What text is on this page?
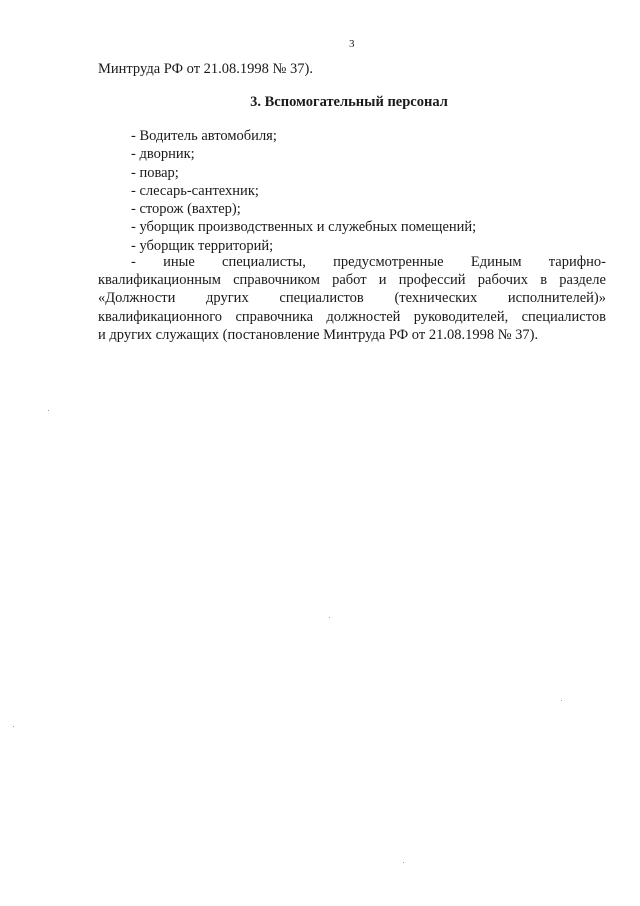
3
Минтруда РФ от 21.08.1998 № 37).
3. Вспомогательный персонал
- Водитель автомобиля;
- дворник;
- повар;
- слесарь-сантехник;
- сторож (вахтер);
- уборщик производственных и служебных помещений;
- уборщик территорий;
- иные специалисты, предусмотренные Единым тарифно-
квалификационным справочником работ и профессий рабочих в разделе
«Должности других специалистов (технических исполнителей)»
квалификационного справочника должностей руководителей, специалистов
и других служащих (постановление Минтруда РФ от 21.08.1998 № 37).
